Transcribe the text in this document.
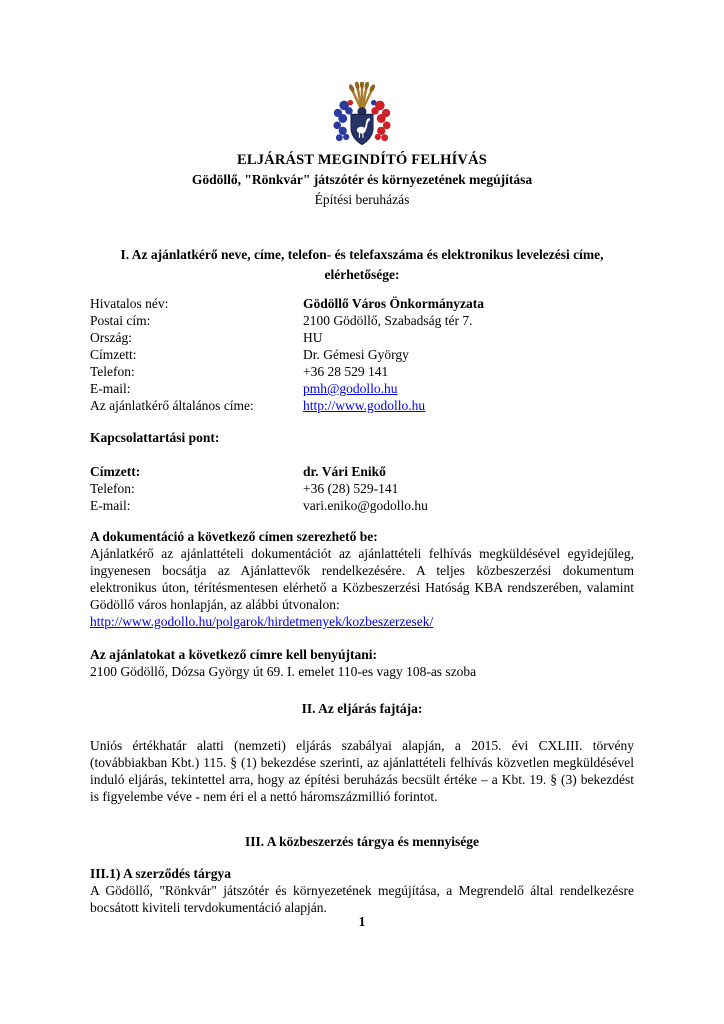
ELJÁRÁST MEGINDÍTÓ FELHÍVÁS
Gödöllő, "Rönkvár" játszótér és környezetének megújítása
Építési beruházás
I. Az ajánlatkérő neve, címe, telefon- és telefaxszáma és elektronikus levelezési címe, elérhetősége:
Hivatalos név:	Gödöllő Város Önkormányzata
Postai cím:	2100 Gödöllő, Szabadság tér 7.
Ország:	HU
Címzett:	Dr. Gémesi György
Telefon:	+36 28 529 141
E-mail:	pmh@godollo.hu
Az ajánlatkérő általános címe:	http://www.godollo.hu
Kapcsolattartási pont:
Címzett:	dr. Vári Enikő
Telefon:	+36 (28) 529-141
E-mail:	vari.eniko@godollo.hu
A dokumentáció a következő címen szerezhető be:
Ajánlatkérő az ajánlattételi dokumentációt az ajánlattételi felhívás megküldésével egyidejűleg, ingyenesen bocsátja az Ajánlattevők rendelkezésére. A teljes közbeszerzési dokumentum elektronikus úton, térítésmentesen elérhető a Közbeszerzési Hatóság KBA rendszerében, valamint Gödöllő város honlapján, az alábbi útvonalon:
http://www.godollo.hu/polgarok/hirdetmenyek/kozbeszerzesek/
Az ajánlatokat a következő címre kell benyújtani:
2100 Gödöllő, Dózsa György út 69. I. emelet 110-es vagy 108-as szoba
II. Az eljárás fajtája:
Uniós értékhatár alatti (nemzeti) eljárás szabályai alapján, a 2015. évi CXLIII. törvény (továbbiakban Kbt.) 115. § (1) bekezdése szerinti, az ajánlattételi felhívás közvetlen megküldésével induló eljárás, tekintettel arra, hogy az építési beruházás becsült értéke – a Kbt. 19. § (3) bekezdést is figyelembe véve - nem éri el a nettó háromszázmillió forintot.
III. A közbeszerzés tárgya és mennyisége
III.1) A szerződés tárgya
A Gödöllő, "Rönkvár" játszótér és környezetének megújítása, a Megrendelő által rendelkezésre bocsátott kiviteli tervdokumentáció alapján.
1
